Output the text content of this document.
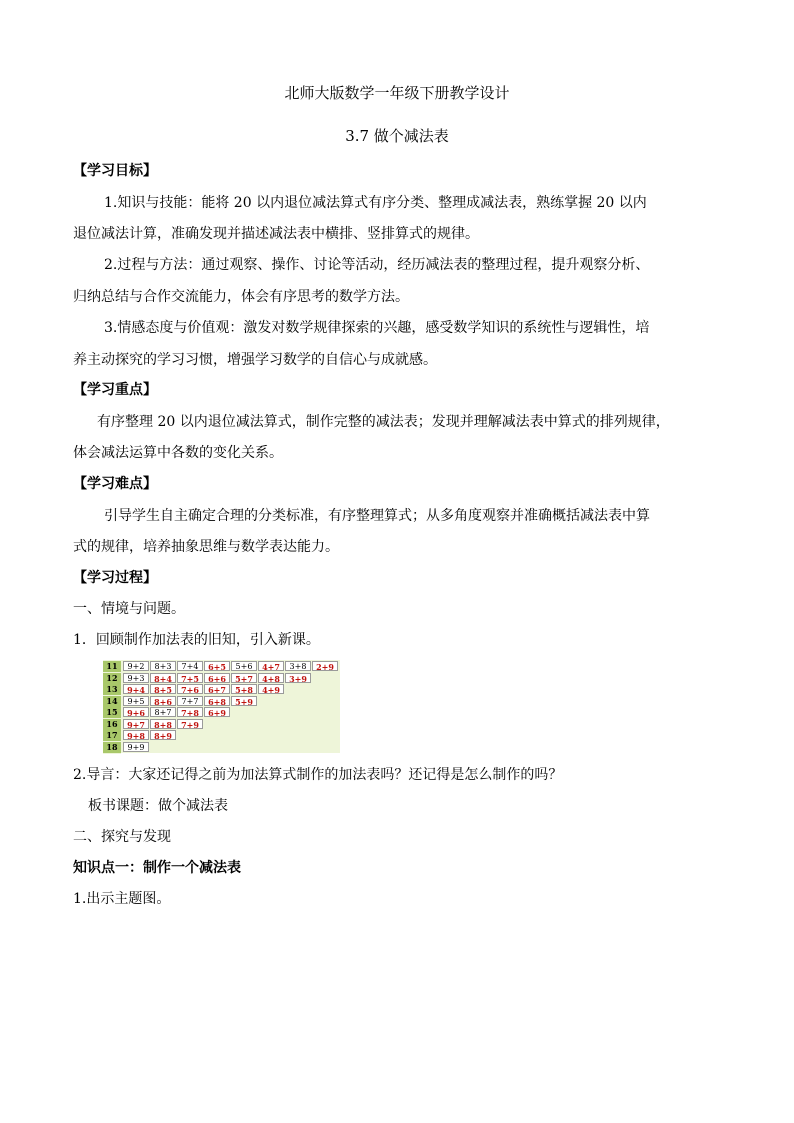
北师大版数学一年级下册教学设计
3.7 做个减法表
【学习目标】
1.知识与技能：能将 20 以内退位减法算式有序分类、整理成减法表，熟练掌握 20 以内
退位减法计算，准确发现并描述减法表中横排、竖排算式的规律。
2.过程与方法：通过观察、操作、讨论等活动，经历减法表的整理过程，提升观察分析、
归纳总结与合作交流能力，体会有序思考的数学方法。
3.情感态度与价值观：激发对数学规律探索的兴趣，感受数学知识的系统性与逻辑性，培
养主动探究的学习习惯，增强学习数学的自信心与成就感。
【学习重点】
有序整理 20 以内退位减法算式，制作完整的减法表；发现并理解减法表中算式的排列规律，
体会减法运算中各数的变化关系。
【学习难点】
引导学生自主确定合理的分类标准，有序整理算式；从多角度观察并准确概括减法表中算
式的规律，培养抽象思维与数学表达能力。
【学习过程】
一、情境与问题。
1．回顾制作加法表的旧知，引入新课。
11	9+2	8+3	7+4	6+5	5+6	4+7	3+8	2+9
12	9+3	8+4	7+5	6+6	5+7	4+8	3+9
13	9+4	8+5	7+6	6+7	5+8	4+9
14	9+5	8+6	7+7	6+8	5+9
15	9+6	8+7	7+8	6+9
16	9+7	8+8	7+9
17	9+8	8+9
18	9+9
2.导言：大家还记得之前为加法算式制作的加法表吗？还记得是怎么制作的吗？
板书课题：做个减法表
二、探究与发现
知识点一：制作一个减法表
1.出示主题图。
